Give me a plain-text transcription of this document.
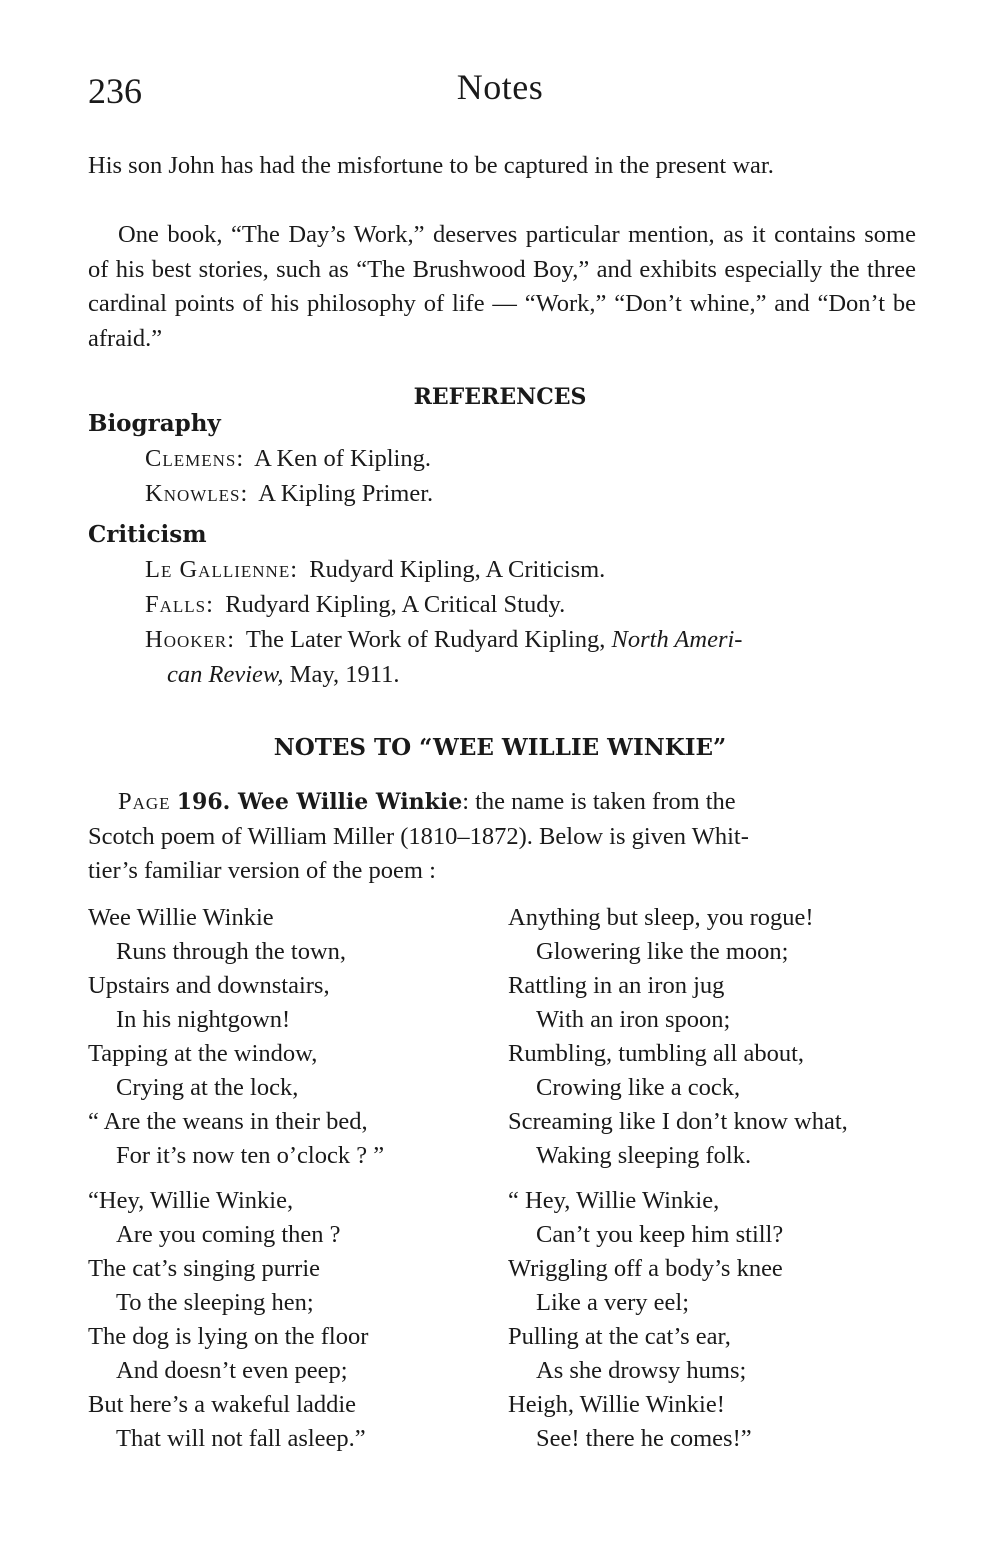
236	Notes
His son John has had the misfortune to be captured in the present war.
One book, “The Day’s Work,” deserves particular mention, as it contains some of his best stories, such as “The Brushwood Boy,” and exhibits especially the three cardinal points of his philosophy of life — “Work,” “Don’t whine,” and “Don’t be afraid.”
REFERENCES
Biography
Clemens:  A Ken of Kipling.
Knowles:  A Kipling Primer.
Criticism
Le Gallienne:  Rudyard Kipling, A Criticism.
Falls:  Rudyard Kipling, A Critical Study.
Hooker:  The Later Work of Rudyard Kipling, North Ameri-
can Review, May, 1911.
NOTES TO “WEE WILLIE WINKIE”
Page 196. Wee Willie Winkie: the name is taken from the
Scotch poem of William Miller (1810–1872). Below is given Whit-
tier’s familiar version of the poem :
Wee Willie Winkie
Runs through the town,
Upstairs and downstairs,
In his nightgown!
Tapping at the window,
Crying at the lock,
“ Are the weans in their bed,
For it’s now ten o’clock ? ”
Anything but sleep, you rogue!
Glowering like the moon;
Rattling in an iron jug
With an iron spoon;
Rumbling, tumbling all about,
Crowing like a cock,
Screaming like I don’t know what,
Waking sleeping folk.
“Hey, Willie Winkie,
Are you coming then ?
The cat’s singing purrie
To the sleeping hen;
The dog is lying on the floor
And doesn’t even peep;
But here’s a wakeful laddie
That will not fall asleep.”
“ Hey, Willie Winkie,
Can’t you keep him still?
Wriggling off a body’s knee
Like a very eel;
Pulling at the cat’s ear,
As she drowsy hums;
Heigh, Willie Winkie!
See! there he comes!”
